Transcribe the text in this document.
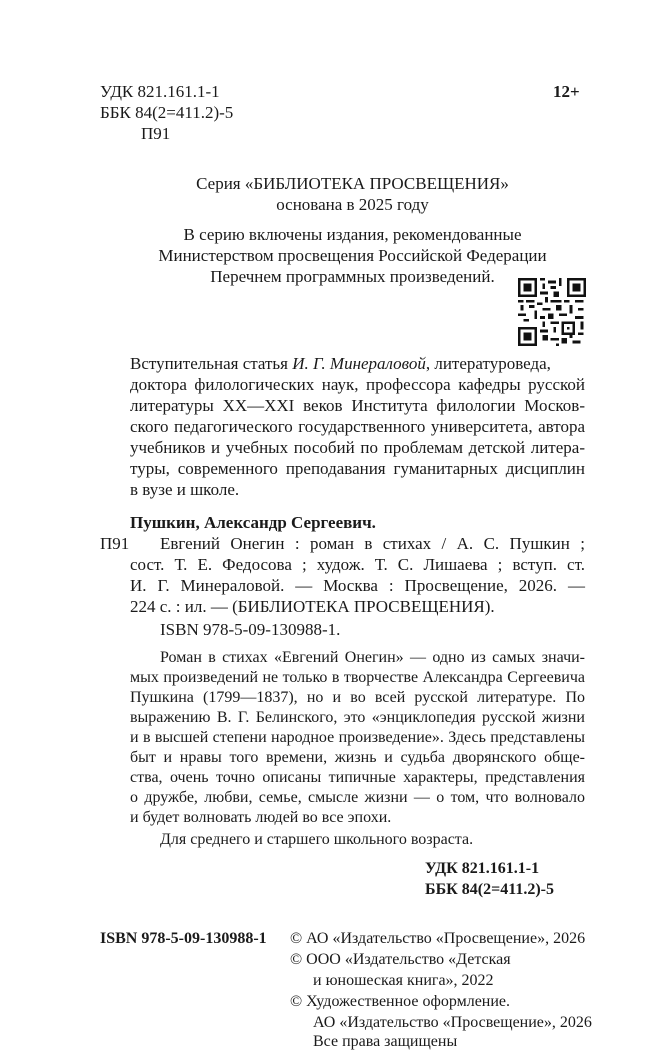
УДК 821.161.1-1
ББК 84(2=411.2)-5
П91
12+
Серия «БИБЛИОТЕКА ПРОСВЕЩЕНИЯ»
основана в 2025 году
В серию включены издания, рекомендованные
Министерством просвещения Российской Федерации
Перечнем программных произведений.
Вступительная статья И. Г. Минераловой, литературоведа,
доктора филологических наук, профессора кафедры русской
литературы XX—XXI веков Института филологии Москов-
ского педагогического государственного университета, автора
учебников и учебных пособий по проблемам детской литера-
туры, современного преподавания гуманитарных дисциплин
в вузе и школе.
Пушкин, Александр Сергеевич.
П91 Евгений Онегин : роман в стихах / А. С. Пушкин ;
сост. Т. Е. Федосова ; худож. Т. С. Лишаева ; вступ. ст.
И. Г. Минераловой. — Москва : Просвещение, 2026. —
224 с. : ил. — (БИБЛИОТЕКА ПРОСВЕЩЕНИЯ).
ISBN 978-5-09-130988-1.
Роман в стихах «Евгений Онегин» — одно из самых значи-
мых произведений не только в творчестве Александра Сергеевича
Пушкина (1799—1837), но и во всей русской литературе. По
выражению В. Г. Белинского, это «энциклопедия русской жизни
и в высшей степени народное произведение». Здесь представлены
быт и нравы того времени, жизнь и судьба дворянского общe-
ства, очень точно описаны типичные характеры, представления
о дружбе, любви, семье, смысле жизни — о том, что волновало
и будет волновать людей во все эпохи.
Для среднего и старшего школьного возраста.
УДК 821.161.1-1
ББК 84(2=411.2)-5
ISBN 978-5-09-130988-1 © АО «Издательство «Просвещение», 2026
© ООО «Издательство «Детская
и юношеская книга», 2022
© Художественное оформление.
АО «Издательство «Просвещение», 2026
Все права защищены
